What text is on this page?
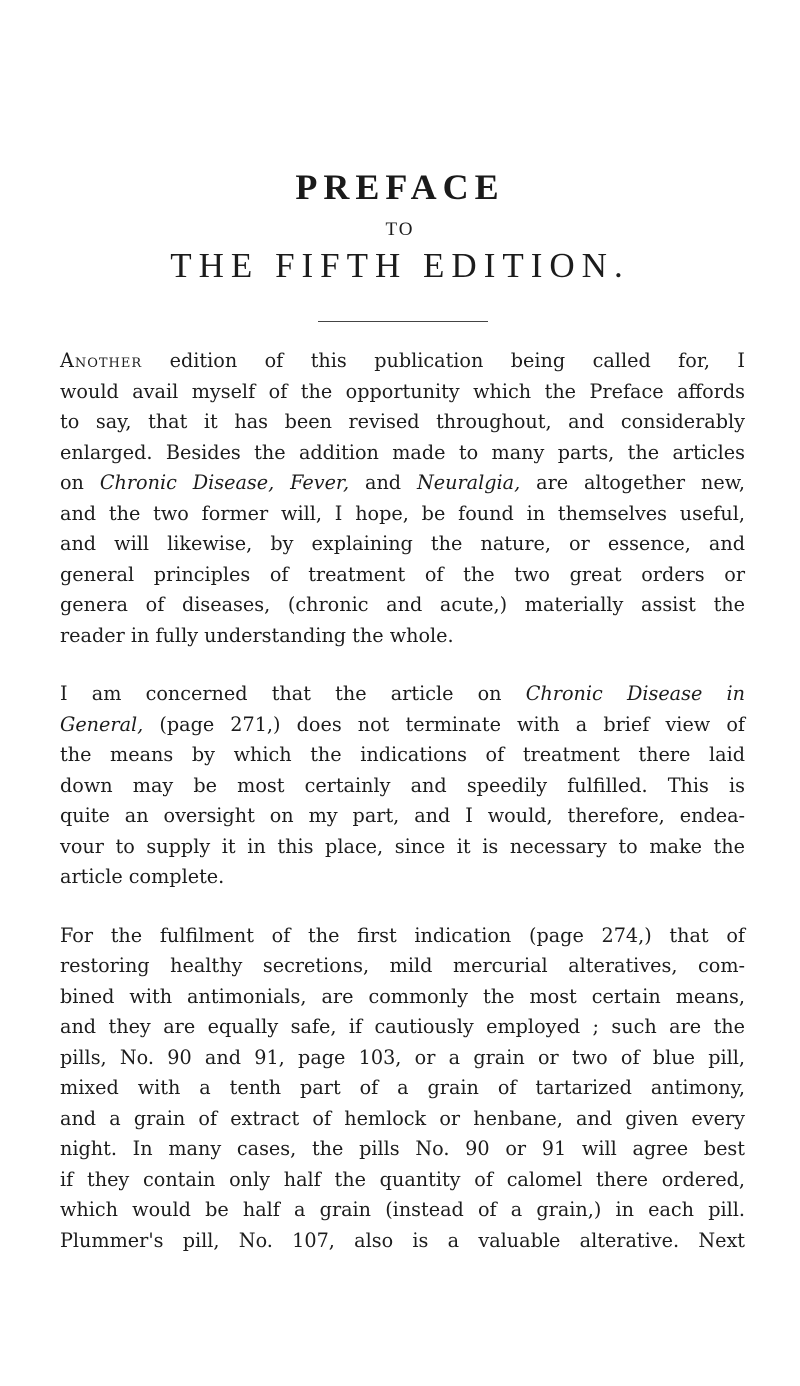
PREFACE
TO
THE FIFTH EDITION.

Another edition of this publication being called for, I
would avail myself of the opportunity which the Preface affords
to say, that it has been revised throughout, and considerably
enlarged. Besides the addition made to many parts, the articles
on Chronic Disease, Fever, and Neuralgia, are altogether new,
and the two former will, I hope, be found in themselves useful,
and will likewise, by explaining the nature, or essence, and
general principles of treatment of the two great orders or
genera of diseases, (chronic and acute,) materially assist the
reader in fully understanding the whole.

I am concerned that the article on Chronic Disease in
General, (page 271,) does not terminate with a brief view of
the means by which the indications of treatment there laid
down may be most certainly and speedily fulfilled. This is
quite an oversight on my part, and I would, therefore, endea-
vour to supply it in this place, since it is necessary to make the
article complete.

For the fulfilment of the first indication (page 274,) that of
restoring healthy secretions, mild mercurial alteratives, com-
bined with antimonials, are commonly the most certain means,
and they are equally safe, if cautiously employed ; such are the
pills, No. 90 and 91, page 103, or a grain or two of blue pill,
mixed with a tenth part of a grain of tartarized antimony,
and a grain of extract of hemlock or henbane, and given every
night. In many cases, the pills No. 90 or 91 will agree best
if they contain only half the quantity of calomel there ordered,
which would be half a grain (instead of a grain,) in each pill.
Plummer's pill, No. 107, also is a valuable alterative. Next
